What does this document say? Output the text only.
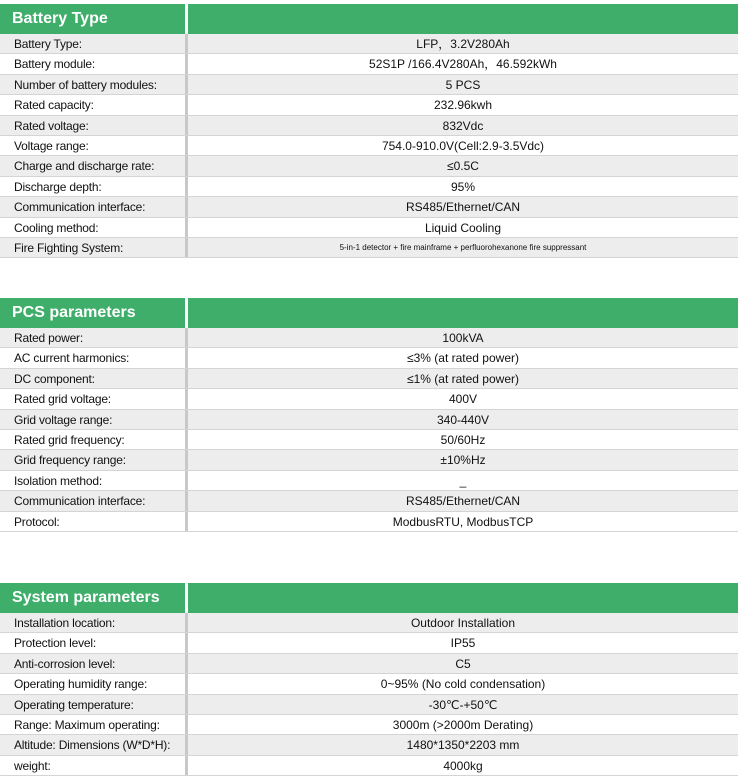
Battery Type
Battery Type:	LFP，3.2V280Ah
Battery module:	52S1P /166.4V280Ah，46.592kWh
Number of battery modules:	5 PCS
Rated capacity:	232.96kwh
Rated voltage:	832Vdc
Voltage range:	754.0-910.0V(Cell:2.9-3.5Vdc)
Charge and discharge rate:	≤0.5C
Discharge depth:	95%
Communication interface:	RS485/Ethernet/CAN
Cooling method:	Liquid Cooling
Fire Fighting System:	5-in-1 detector + fire mainframe + perfluorohexanone fire suppressant
PCS parameters
Rated power:	100kVA
AC current harmonics:	≤3% (at rated power)
DC component:	≤1% (at rated power)
Rated grid voltage:	400V
Grid voltage range:	340-440V
Rated grid frequency:	50/60Hz
Grid frequency range:	±10%Hz
Isolation method:	_
Communication interface:	RS485/Ethernet/CAN
Protocol:	ModbusRTU, ModbusTCP
System parameters
Installation location:	Outdoor Installation
Protection level:	IP55
Anti-corrosion level:	C5
Operating humidity range:	0~95% (No cold condensation)
Operating temperature:	-30℃-+50℃
Range: Maximum operating:	3000m (>2000m Derating)
Altitude: Dimensions (W*D*H):	1480*1350*2203 mm
weight:	4000kg
